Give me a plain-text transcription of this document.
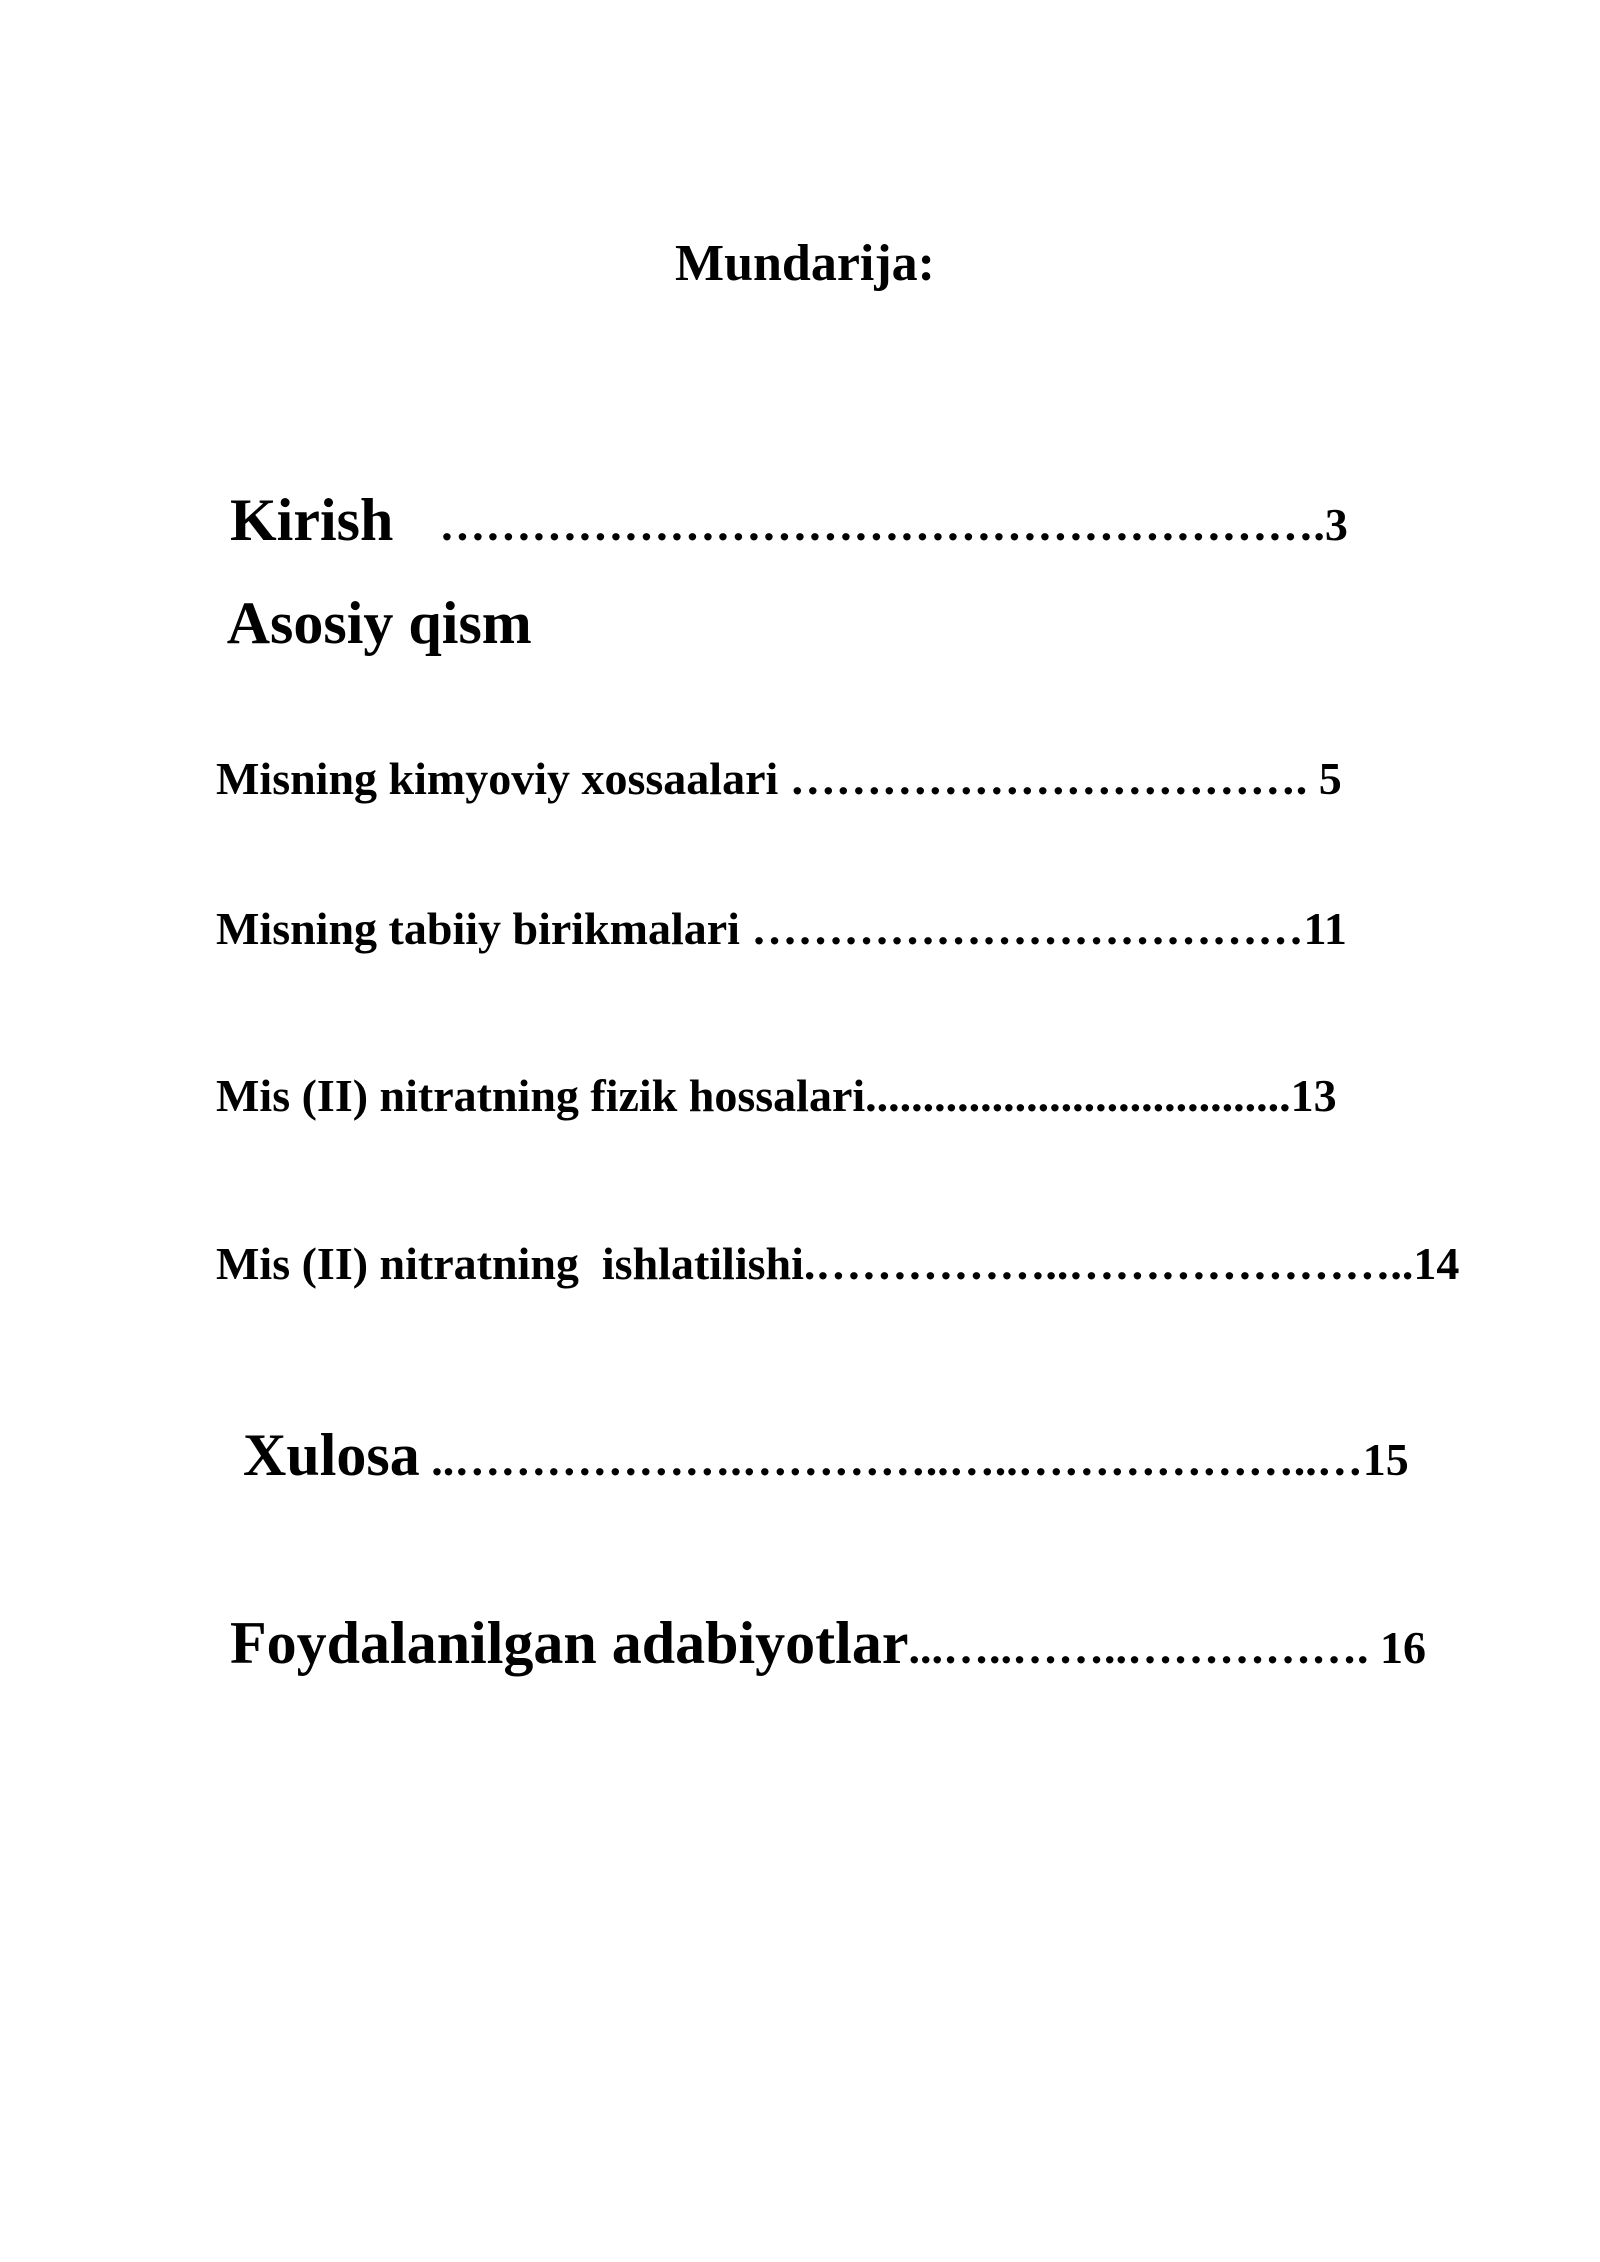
Mundarija:

Kirish    ………………………………………………….3

Asosiy qism

Misning kimyoviy xossaalari ……………………………. 5

Misning tabiiy birikmalari ………………………………11

Mis (II) nitratning fizik hossalari.....................................13

Mis (II) nitratning  ishlatilishi.……………..…………………..14

Xulosa ..……………….…………..…..………………..…15

Foydalanilgan adabiyotlar...…..……..……………. 16
